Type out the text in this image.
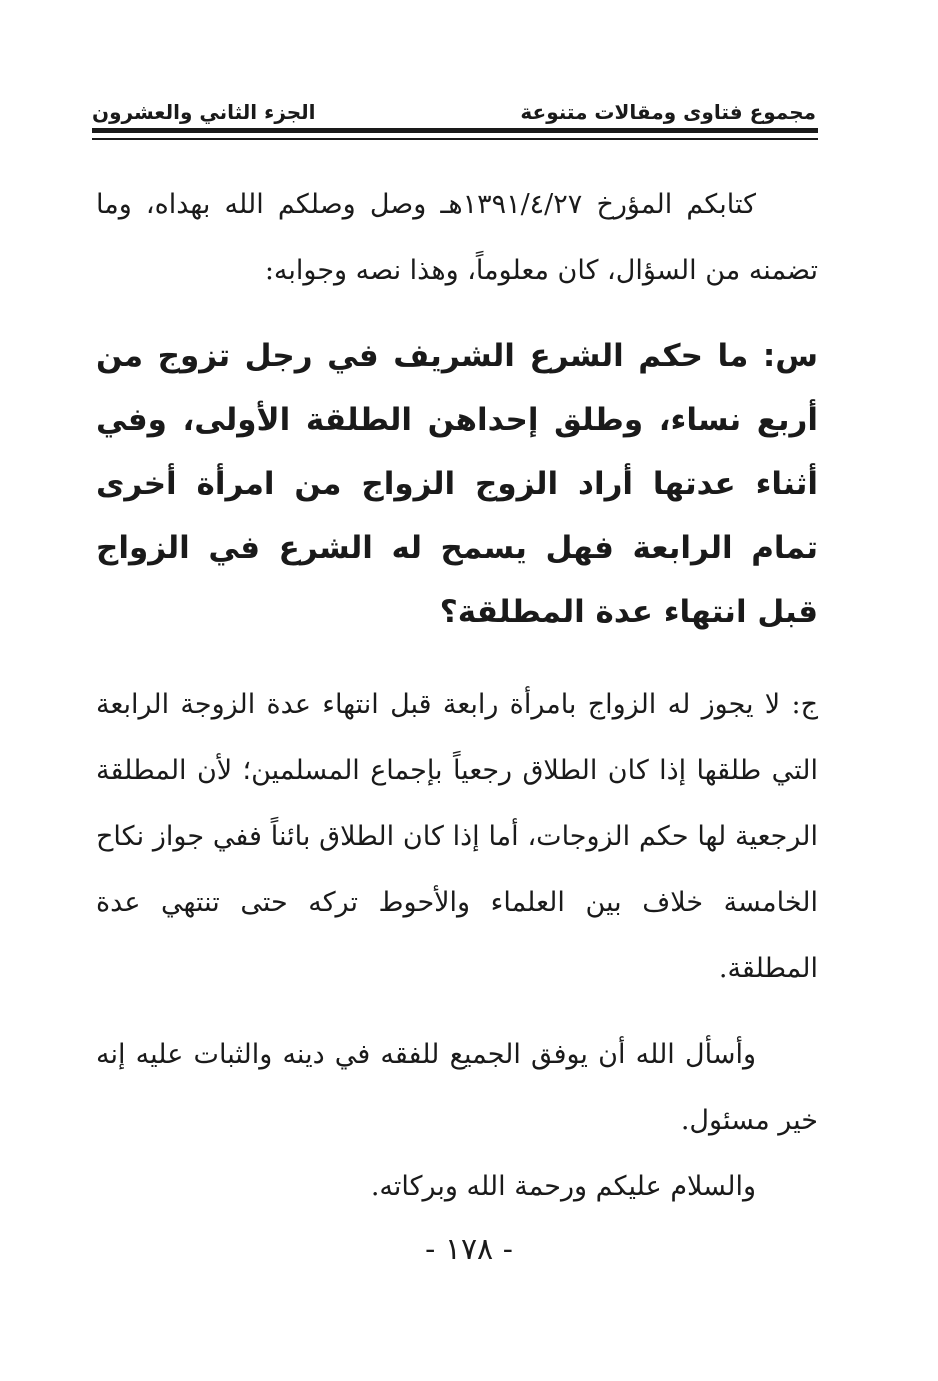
مجموع فتاوى ومقالات متنوعة
الجزء الثاني والعشرون

كتابكم المؤرخ ١٣٩١/٤/٢٧هـ وصل وصلكم الله بهداه، وما تضمنه من السؤال، كان معلوماً، وهذا نصه وجوابه:

س: ما حكم الشرع الشريف في رجل تزوج من أربع نساء، وطلق إحداهن الطلقة الأولى، وفي أثناء عدتها أراد الزوج الزواج من امرأة أخرى تمام الرابعة فهل يسمح له الشرع في الزواج قبل انتهاء عدة المطلقة؟

ج: لا يجوز له الزواج بامرأة رابعة قبل انتهاء عدة الزوجة الرابعة التي طلقها إذا كان الطلاق رجعياً بإجماع المسلمين؛ لأن المطلقة الرجعية لها حكم الزوجات، أما إذا كان الطلاق بائناً ففي جواز نكاح الخامسة خلاف بين العلماء والأحوط تركه حتى تنتهي عدة المطلقة.

وأسأل الله أن يوفق الجميع للفقه في دينه والثبات عليه إنه خير مسئول.

والسلام عليكم ورحمة الله وبركاته.

- ١٧٨ -
